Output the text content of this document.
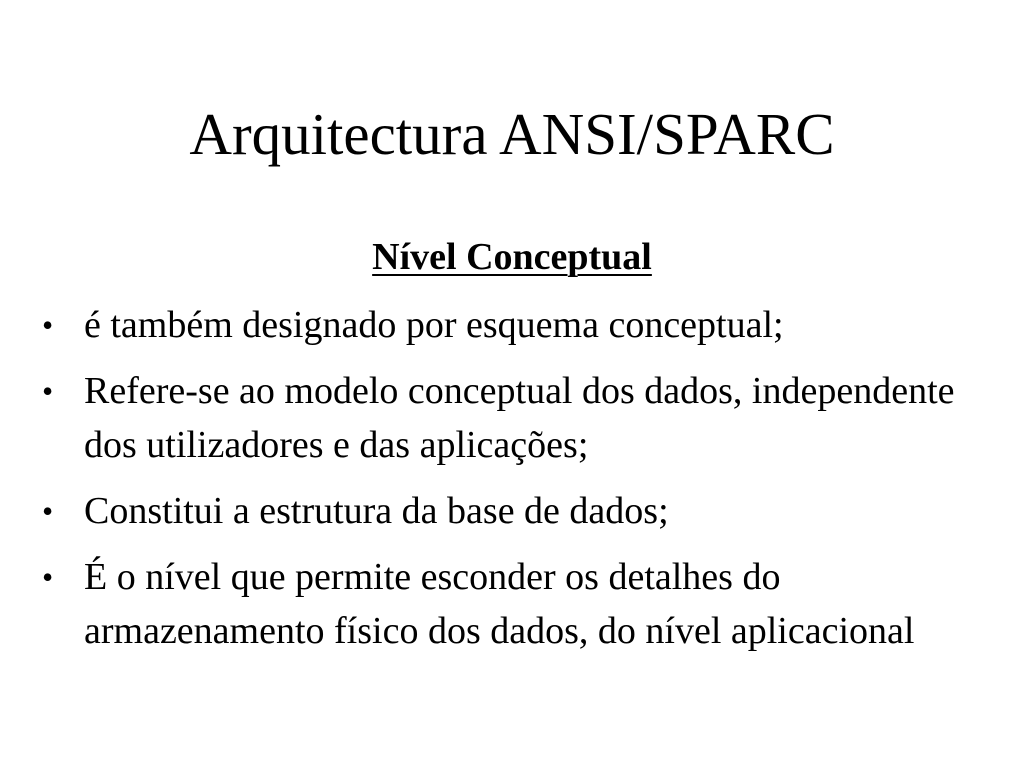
Arquitectura ANSI/SPARC
Nível Conceptual
• é também designado por esquema conceptual;
• Refere-se ao modelo conceptual dos dados, independente dos utilizadores e das aplicações;
• Constitui a estrutura da base de dados;
• É o nível que permite esconder os detalhes do armazenamento físico dos dados, do nível aplicacional
